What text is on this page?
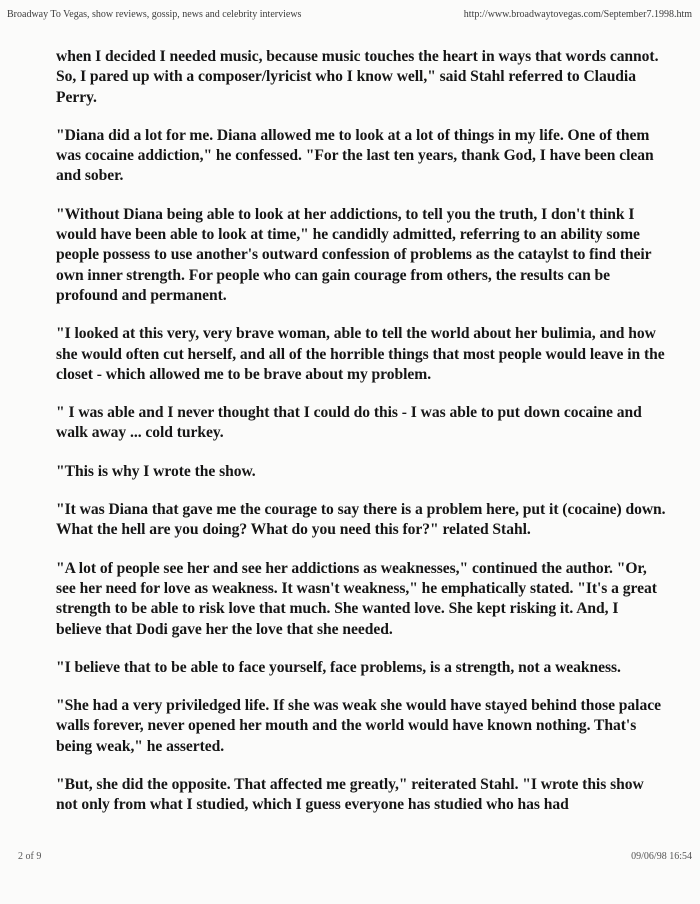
Broadway To Vegas, show reviews, gossip, news and celebrity interviews	http://www.broadwaytovegas.com/September7.1998.htm

when I decided I needed music, because music touches the heart in ways that words cannot. So, I pared up with a composer/lyricist who I know well," said Stahl referred to Claudia Perry.

"Diana did a lot for me. Diana allowed me to look at a lot of things in my life. One of them was cocaine addiction," he confessed. "For the last ten years, thank God, I have been clean and sober.

"Without Diana being able to look at her addictions, to tell you the truth, I don't think I would have been able to look at time," he candidly admitted, referring to an ability some people possess to use another's outward confession of problems as the cataylst to find their own inner strength. For people who can gain courage from others, the results can be profound and permanent.

"I looked at this very, very brave woman, able to tell the world about her bulimia, and how she would often cut herself, and all of the horrible things that most people would leave in the closet - which allowed me to be brave about my problem.

" I was able and I never thought that I could do this - I was able to put down cocaine and walk away ... cold turkey.

"This is why I wrote the show.

"It was Diana that gave me the courage to say there is a problem here, put it (cocaine) down. What the hell are you doing? What do you need this for?" related Stahl.

"A lot of people see her and see her addictions as weaknesses," continued the author. "Or, see her need for love as weakness. It wasn't weakness," he emphatically stated. "It's a great strength to be able to risk love that much. She wanted love. She kept risking it. And, I believe that Dodi gave her the love that she needed.

"I believe that to be able to face yourself, face problems, is a strength, not a weakness.

"She had a very priviledged life. If she was weak she would have stayed behind those palace walls forever, never opened her mouth and the world would have known nothing. That's being weak," he asserted.

"But, she did the opposite. That affected me greatly," reiterated Stahl. "I wrote this show not only from what I studied, which I guess everyone has studied who has had

2 of 9	09/06/98 16:54
